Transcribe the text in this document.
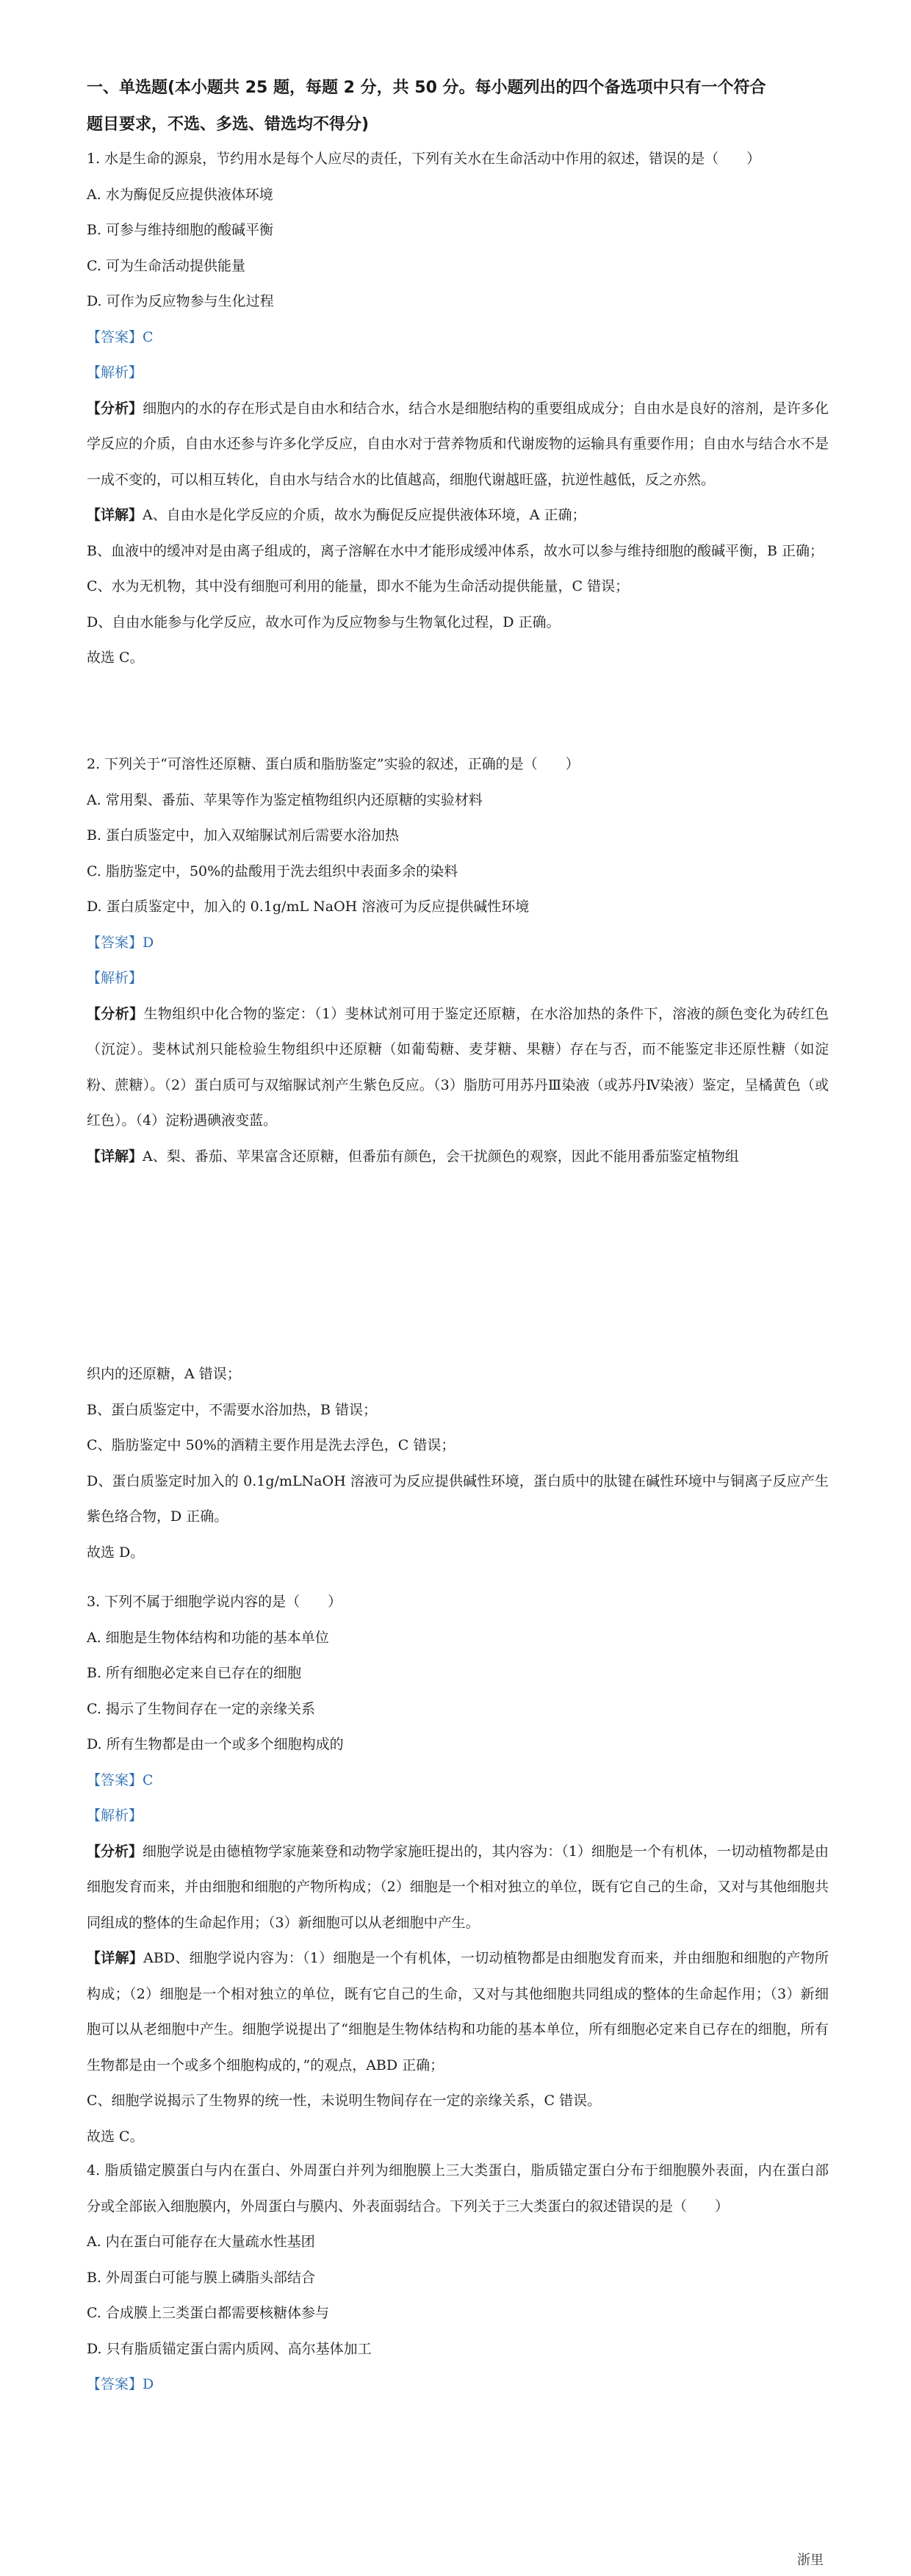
一、单选题(本小题共 25 题，每题 2 分，共 50 分。每小题列出的四个备选项中只有一个符合
题目要求，不选、多选、错选均不得分)
1. 水是生命的源泉，节约用水是每个人应尽的责任，下列有关水在生命活动中作用的叙述，错误的是（　　）
A. 水为酶促反应提供液体环境
B. 可参与维持细胞的酸碱平衡
C. 可为生命活动提供能量
D. 可作为反应物参与生化过程
【答案】C
【解析】
【分析】细胞内的水的存在形式是自由水和结合水，结合水是细胞结构的重要组成成分；自由水是良好的溶剂，是许多化学反应的介质，自由水还参与许多化学反应，自由水对于营养物质和代谢废物的运输具有重要作用；自由水与结合水不是一成不变的，可以相互转化，自由水与结合水的比值越高，细胞代谢越旺盛，抗逆性越低，反之亦然。
【详解】A、自由水是化学反应的介质，故水为酶促反应提供液体环境，A 正确；
B、血液中的缓冲对是由离子组成的，离子溶解在水中才能形成缓冲体系，故水可以参与维持细胞的酸碱平衡，B 正确；
C、水为无机物，其中没有细胞可利用的能量，即水不能为生命活动提供能量，C 错误；
D、自由水能参与化学反应，故水可作为反应物参与生物氧化过程，D 正确。
故选 C。
2. 下列关于“可溶性还原糖、蛋白质和脂肪鉴定”实验的叙述，正确的是（　　）
A. 常用梨、番茄、苹果等作为鉴定植物组织内还原糖的实验材料
B. 蛋白质鉴定中，加入双缩脲试剂后需要水浴加热
C. 脂肪鉴定中，50%的盐酸用于洗去组织中表面多余的染料
D. 蛋白质鉴定中，加入的 0.1g/mL NaOH 溶液可为反应提供碱性环境
【答案】D
【解析】
【分析】生物组织中化合物的鉴定：（1）斐林试剂可用于鉴定还原糖，在水浴加热的条件下，溶液的颜色变化为砖红色（沉淀）。斐林试剂只能检验生物组织中还原糖（如葡萄糖、麦芽糖、果糖）存在与否，而不能鉴定非还原性糖（如淀粉、蔗糖）。（2）蛋白质可与双缩脲试剂产生紫色反应。（3）脂肪可用苏丹Ⅲ染液（或苏丹Ⅳ染液）鉴定，呈橘黄色（或红色）。（4）淀粉遇碘液变蓝。
【详解】A、梨、番茄、苹果富含还原糖，但番茄有颜色，会干扰颜色的观察，因此不能用番茄鉴定植物组
织内的还原糖，A 错误；
B、蛋白质鉴定中，不需要水浴加热，B 错误；
C、脂肪鉴定中 50%的酒精主要作用是洗去浮色，C 错误；
D、蛋白质鉴定时加入的 0.1g/mLNaOH 溶液可为反应提供碱性环境，蛋白质中的肽键在碱性环境中与铜离子反应产生紫色络合物，D 正确。
故选 D。
3. 下列不属于细胞学说内容的是（　　）
A. 细胞是生物体结构和功能的基本单位
B. 所有细胞必定来自已存在的细胞
C. 揭示了生物间存在一定的亲缘关系
D. 所有生物都是由一个或多个细胞构成的
【答案】C
【解析】
【分析】细胞学说是由德植物学家施莱登和动物学家施旺提出的，其内容为：（1）细胞是一个有机体，一切动植物都是由细胞发育而来，并由细胞和细胞的产物所构成；（2）细胞是一个相对独立的单位，既有它自己的生命，又对与其他细胞共同组成的整体的生命起作用；（3）新细胞可以从老细胞中产生。
【详解】ABD、细胞学说内容为：（1）细胞是一个有机体，一切动植物都是由细胞发育而来，并由细胞和细胞的产物所构成；（2）细胞是一个相对独立的单位，既有它自己的生命，又对与其他细胞共同组成的整体的生命起作用；（3）新细胞可以从老细胞中产生。细胞学说提出了“细胞是生物体结构和功能的基本单位，所有细胞必定来自已存在的细胞，所有生物都是由一个或多个细胞构成的，”的观点，ABD 正确；
C、细胞学说揭示了生物界的统一性，未说明生物间存在一定的亲缘关系，C 错误。
故选 C。
4. 脂质锚定膜蛋白与内在蛋白、外周蛋白并列为细胞膜上三大类蛋白，脂质锚定蛋白分布于细胞膜外表面，内在蛋白部分或全部嵌入细胞膜内，外周蛋白与膜内、外表面弱结合。下列关于三大类蛋白的叙述错误的是（　　）
A. 内在蛋白可能存在大量疏水性基团
B. 外周蛋白可能与膜上磷脂头部结合
C. 合成膜上三类蛋白都需要核糖体参与
D. 只有脂质锚定蛋白需内质网、高尔基体加工
【答案】D
浙里
